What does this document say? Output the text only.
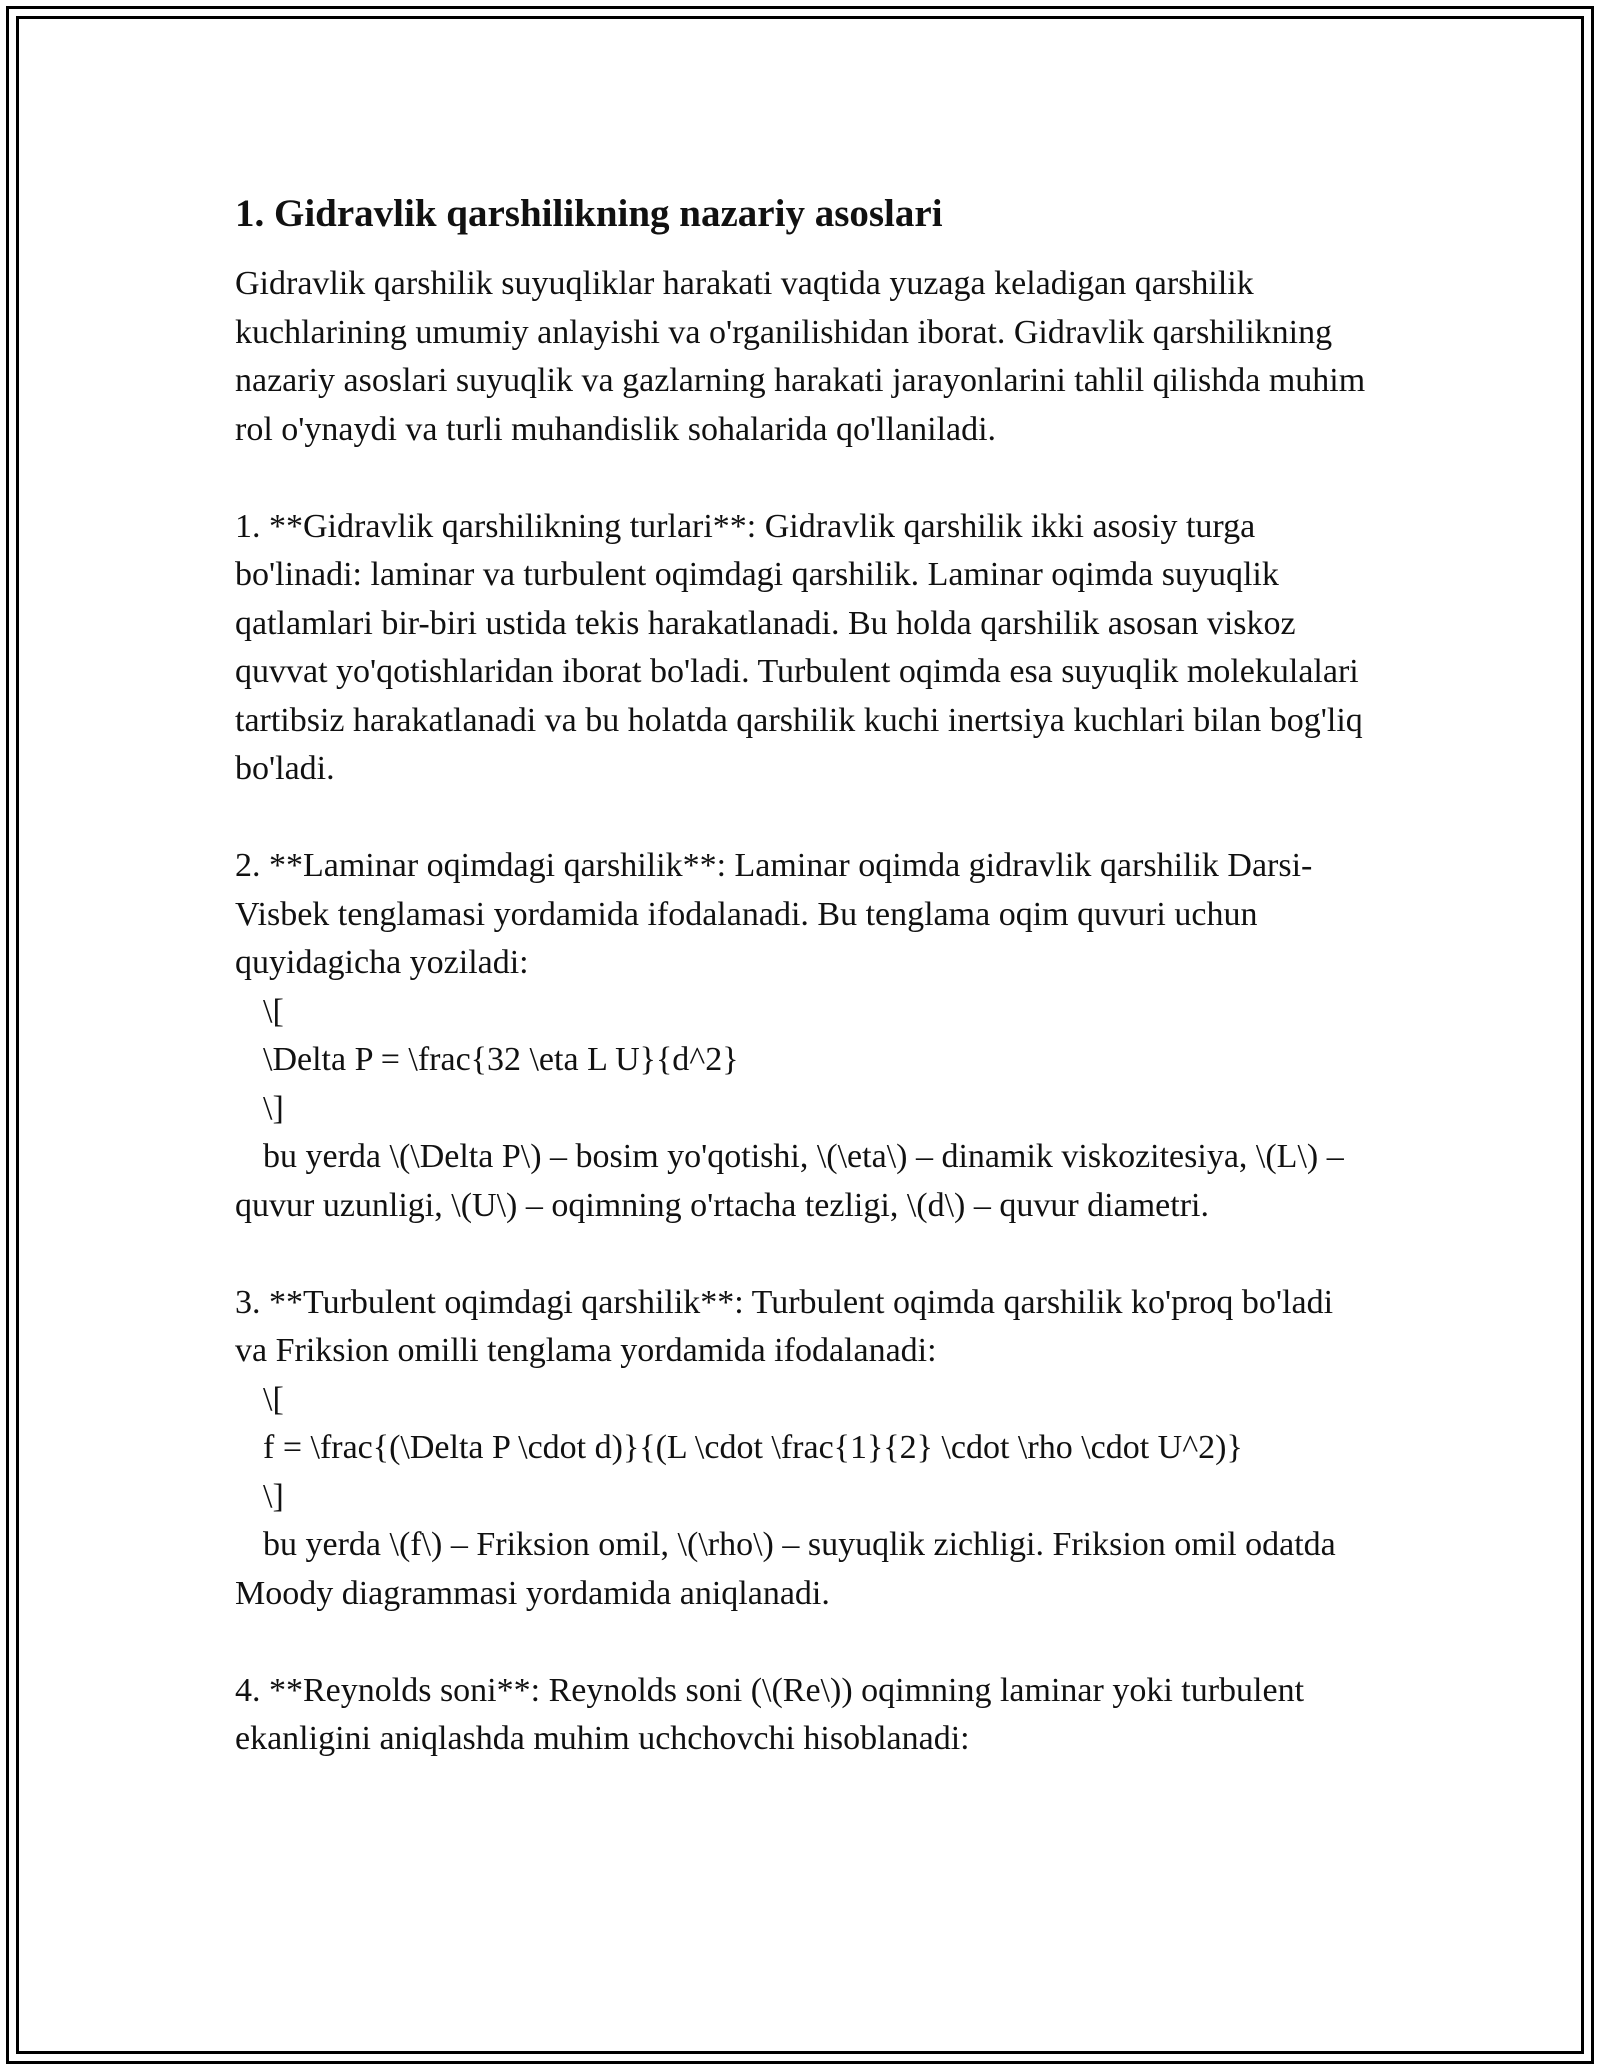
1. Gidravlik qarshilikning nazariy asoslari

Gidravlik qarshilik suyuqliklar harakati vaqtida yuzaga keladigan qarshilik kuchlarining umumiy anlayishi va o'rganilishidan iborat. Gidravlik qarshilikning nazariy asoslari suyuqlik va gazlarning harakati jarayonlarini tahlil qilishda muhim rol o'ynaydi va turli muhandislik sohalarida qo'llaniladi.

1. **Gidravlik qarshilikning turlari**: Gidravlik qarshilik ikki asosiy turga bo'linadi: laminar va turbulent oqimdagi qarshilik. Laminar oqimda suyuqlik qatlamlari bir-biri ustida tekis harakatlanadi. Bu holda qarshilik asosan viskoz quvvat yo'qotishlaridan iborat bo'ladi. Turbulent oqimda esa suyuqlik molekulalari tartibsiz harakatlanadi va bu holatda qarshilik kuchi inertsiya kuchlari bilan bog'liq bo'ladi.

2. **Laminar oqimdagi qarshilik**: Laminar oqimda gidravlik qarshilik Darsi-Visbek tenglamasi yordamida ifodalanadi. Bu tenglama oqim quvuri uchun quyidagicha yoziladi:

\[

\Delta P = \frac{32 \eta L U}{d^2}

\]

bu yerda \(\Delta P\) – bosim yo'qotishi, \(\eta\) – dinamik viskozitesiya, \(L\) – quvur uzunligi, \(U\) – oqimning o'rtacha tezligi, \(d\) – quvur diametri.

3. **Turbulent oqimdagi qarshilik**: Turbulent oqimda qarshilik ko'proq bo'ladi va Friksion omilli tenglama yordamida ifodalanadi:

\[

f = \frac{(\Delta P \cdot d)}{(L \cdot \frac{1}{2} \cdot \rho \cdot U^2)}

\]

bu yerda \(f\) – Friksion omil, \(\rho\) – suyuqlik zichligi. Friksion omil odatda Moody diagrammasi yordamida aniqlanadi.

4. **Reynolds soni**: Reynolds soni (\(Re\)) oqimning laminar yoki turbulent ekanligini aniqlashda muhim uchchovchi hisoblanadi:
